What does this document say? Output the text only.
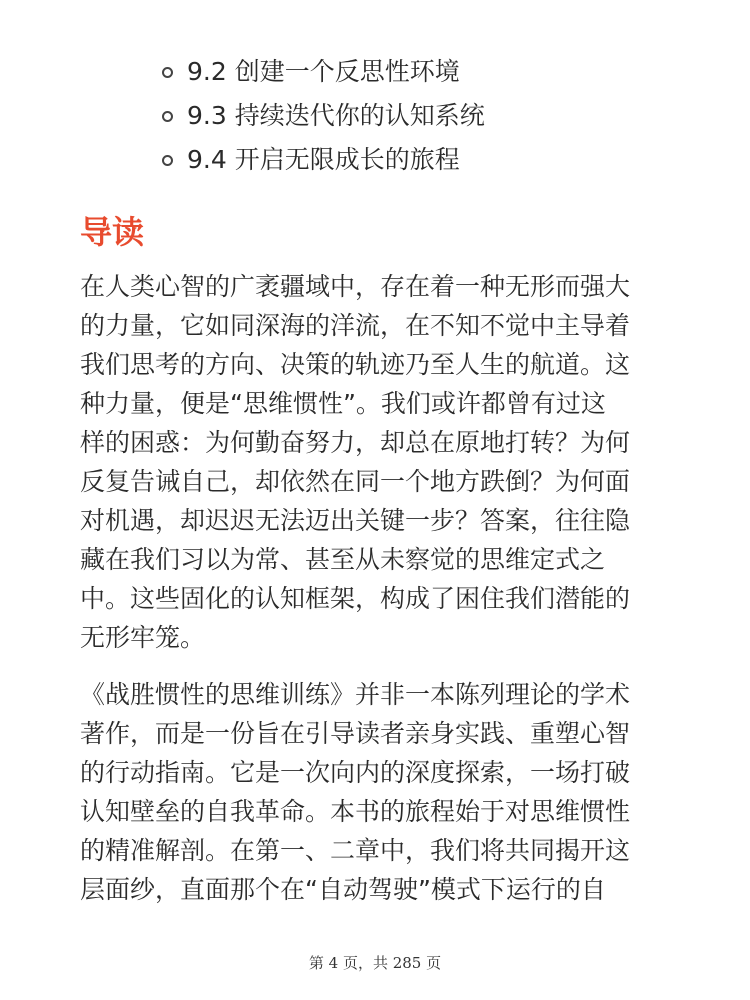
9.2 创建一个反思性环境
9.3 持续迭代你的认知系统
9.4 开启无限成长的旅程
导读

在人类心智的广袤疆域中，存在着一种无形而强大
的力量，它如同深海的洋流，在不知不觉中主导着
我们思考的方向、决策的轨迹乃至人生的航道。这
种力量，便是“思维惯性”。我们或许都曾有过这
样的困惑：为何勤奋努力，却总在原地打转？为何
反复告诫自己，却依然在同一个地方跌倒？为何面
对机遇，却迟迟无法迈出关键一步？答案，往往隐
藏在我们习以为常、甚至从未察觉的思维定式之
中。这些固化的认知框架，构成了困住我们潜能的
无形牢笼。

《战胜惯性的思维训练》并非一本陈列理论的学术
著作，而是一份旨在引导读者亲身实践、重塑心智
的行动指南。它是一次向内的深度探索，一场打破
认知壁垒的自我革命。本书的旅程始于对思维惯性
的精准解剖。在第一、二章中，我们将共同揭开这
层面纱，直面那个在“自动驾驶”模式下运行的自

第 4 页，共 285 页
